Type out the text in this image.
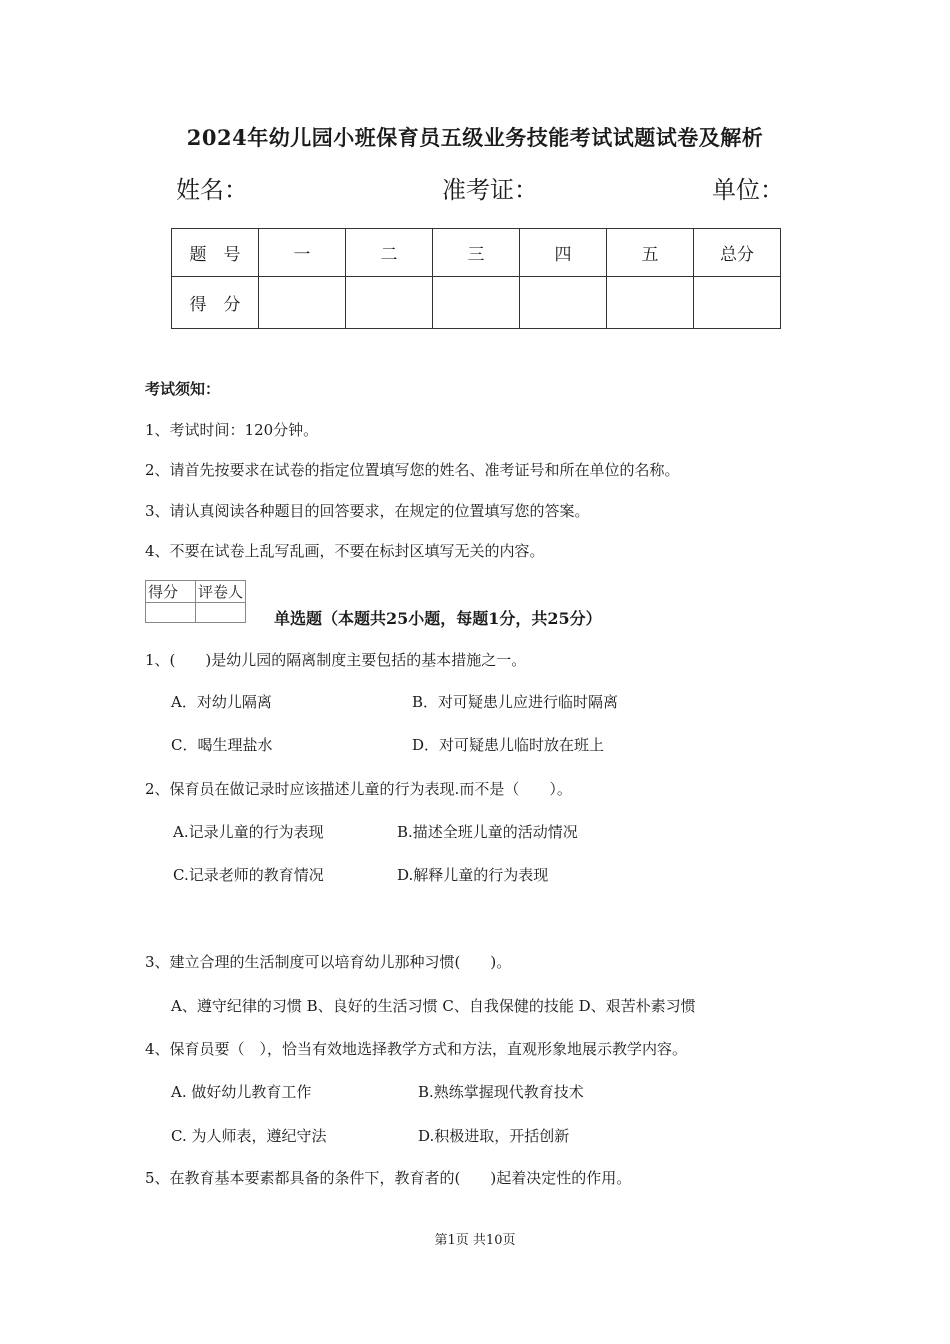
2024年幼儿园小班保育员五级业务技能考试试题试卷及解析
姓名：	准考证：	单位：
题　号	一	二	三	四	五	总分
得　分						
考试须知：
1、考试时间：120分钟。
2、请首先按要求在试卷的指定位置填写您的姓名、准考证号和所在单位的名称。
3、请认真阅读各种题目的回答要求，在规定的位置填写您的答案。
4、不要在试卷上乱写乱画，不要在标封区填写无关的内容。
得分	评卷人

单选题（本题共25小题，每题1分，共25分）
1、(　　)是幼儿园的隔离制度主要包括的基本措施之一。
A．对幼儿隔离	B．对可疑患儿应进行临时隔离
C．喝生理盐水	D．对可疑患儿临时放在班上
2、保育员在做记录时应该描述儿童的行为表现.而不是（　　）。
A.记录儿童的行为表现	B.描述全班儿童的活动情况
C.记录老师的教育情况	D.解释儿童的行为表现
3、建立合理的生活制度可以培育幼儿那种习惯(　　)。
A、遵守纪律的习惯 B、良好的生活习惯 C、自我保健的技能 D、艰苦朴素习惯
4、保育员要（　），恰当有效地选择教学方式和方法，直观形象地展示教学内容。
A. 做好幼儿教育工作	B.熟练掌握现代教育技术
C. 为人师表，遵纪守法	D.积极进取，开括创新
5、在教育基本要素都具备的条件下，教育者的(　　)起着决定性的作用。
第1页 共10页
